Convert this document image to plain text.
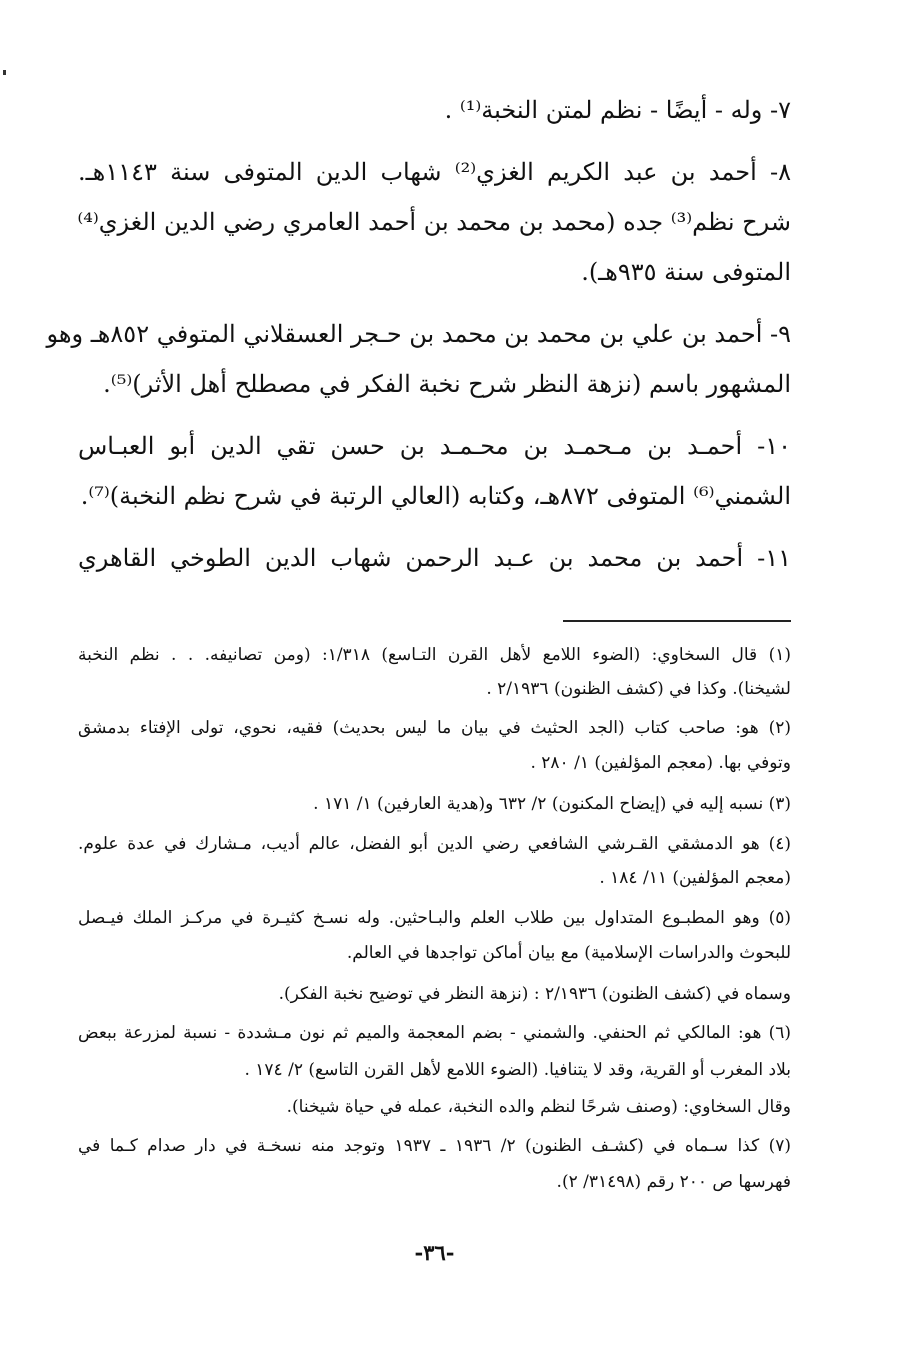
٧- وله - أيضًا - نظم لمتن النخبة⁽¹⁾ .
٨- أحمد بن عبد الكريم الغزي⁽²⁾ شهاب الدين المتوفى سنة ١١٤٣هـ.
شرح نظم⁽³⁾ جده (محمد بن محمد بن أحمد العامري رضي الدين الغزي⁽⁴⁾
المتوفى سنة ٩٣٥هـ).
٩- أحمد بن علي بن محمد بن محمد بن حـجر العسقلاني المتوفي ٨٥٢هـ وهو
المشهور باسم (نزهة النظر شرح نخبة الفكر في مصطلح أهل الأثر)⁽⁵⁾.
١٠- أحمـد بن مـحمـد بن محـمـد بن حسن تقي الدين أبو العبـاس
الشمني⁽⁶⁾ المتوفى ٨٧٢هـ، وكتابه (العالي الرتبة في شرح نظم النخبة)⁽⁷⁾.
١١- أحمد بن محمد بن عـبد الرحمن شهاب الدين الطوخي القاهري
(١) قال السخاوي: (الضوء اللامع لأهل القرن التـاسع) ١/٣١٨: (ومن تصانيفه. . . نظم النخبة
لشيخنا). وكذا في (كشف الظنون) ٢/١٩٣٦ .
(٢) هو: صاحب كتاب (الجد الحثيث في بيان ما ليس بحديث) فقيه، نحوي، تولى الإفتاء بدمشق
وتوفي بها. (معجم المؤلفين) ١/ ٢٨٠ .
(٣) نسبه إليه في (إيضاح المكنون) ٢/ ٦٣٢ و(هدية العارفين) ١/ ١٧١ .
(٤) هو الدمشقي القـرشي الشافعي رضي الدين أبو الفضل، عالم أديب، مـشارك في عدة علوم.
(معجم المؤلفين) ١١/ ١٨٤ .
(٥) وهو المطبـوع المتداول بين طلاب العلم والبـاحثين. وله نسـخ كثيـرة في مركـز الملك فيـصل
للبحوث والدراسات الإسلامية) مع بيان أماكن تواجدها في العالم.
وسماه في (كشف الظنون) ٢/١٩٣٦ : (نزهة النظر في توضيح نخبة الفكر).
(٦) هو: المالكي ثم الحنفي. والشمني - بضم المعجمة والميم ثم نون مـشددة - نسبة لمزرعة ببعض
بلاد المغرب أو القرية، وقد لا يتنافيا. (الضوء اللامع لأهل القرن التاسع) ٢/ ١٧٤ .
وقال السخاوي: (وصنف شرحًا لنظم والده النخبة، عمله في حياة شيخنا).
(٧) كذا سـماه في (كشـف الظنون) ٢/ ١٩٣٦ ـ ١٩٣٧ وتوجد منه نسخـة في دار صدام كـما في
فهرسها ص ٢٠٠ رقم (٣١٤٩٨/ ٢).
-٣٦-
